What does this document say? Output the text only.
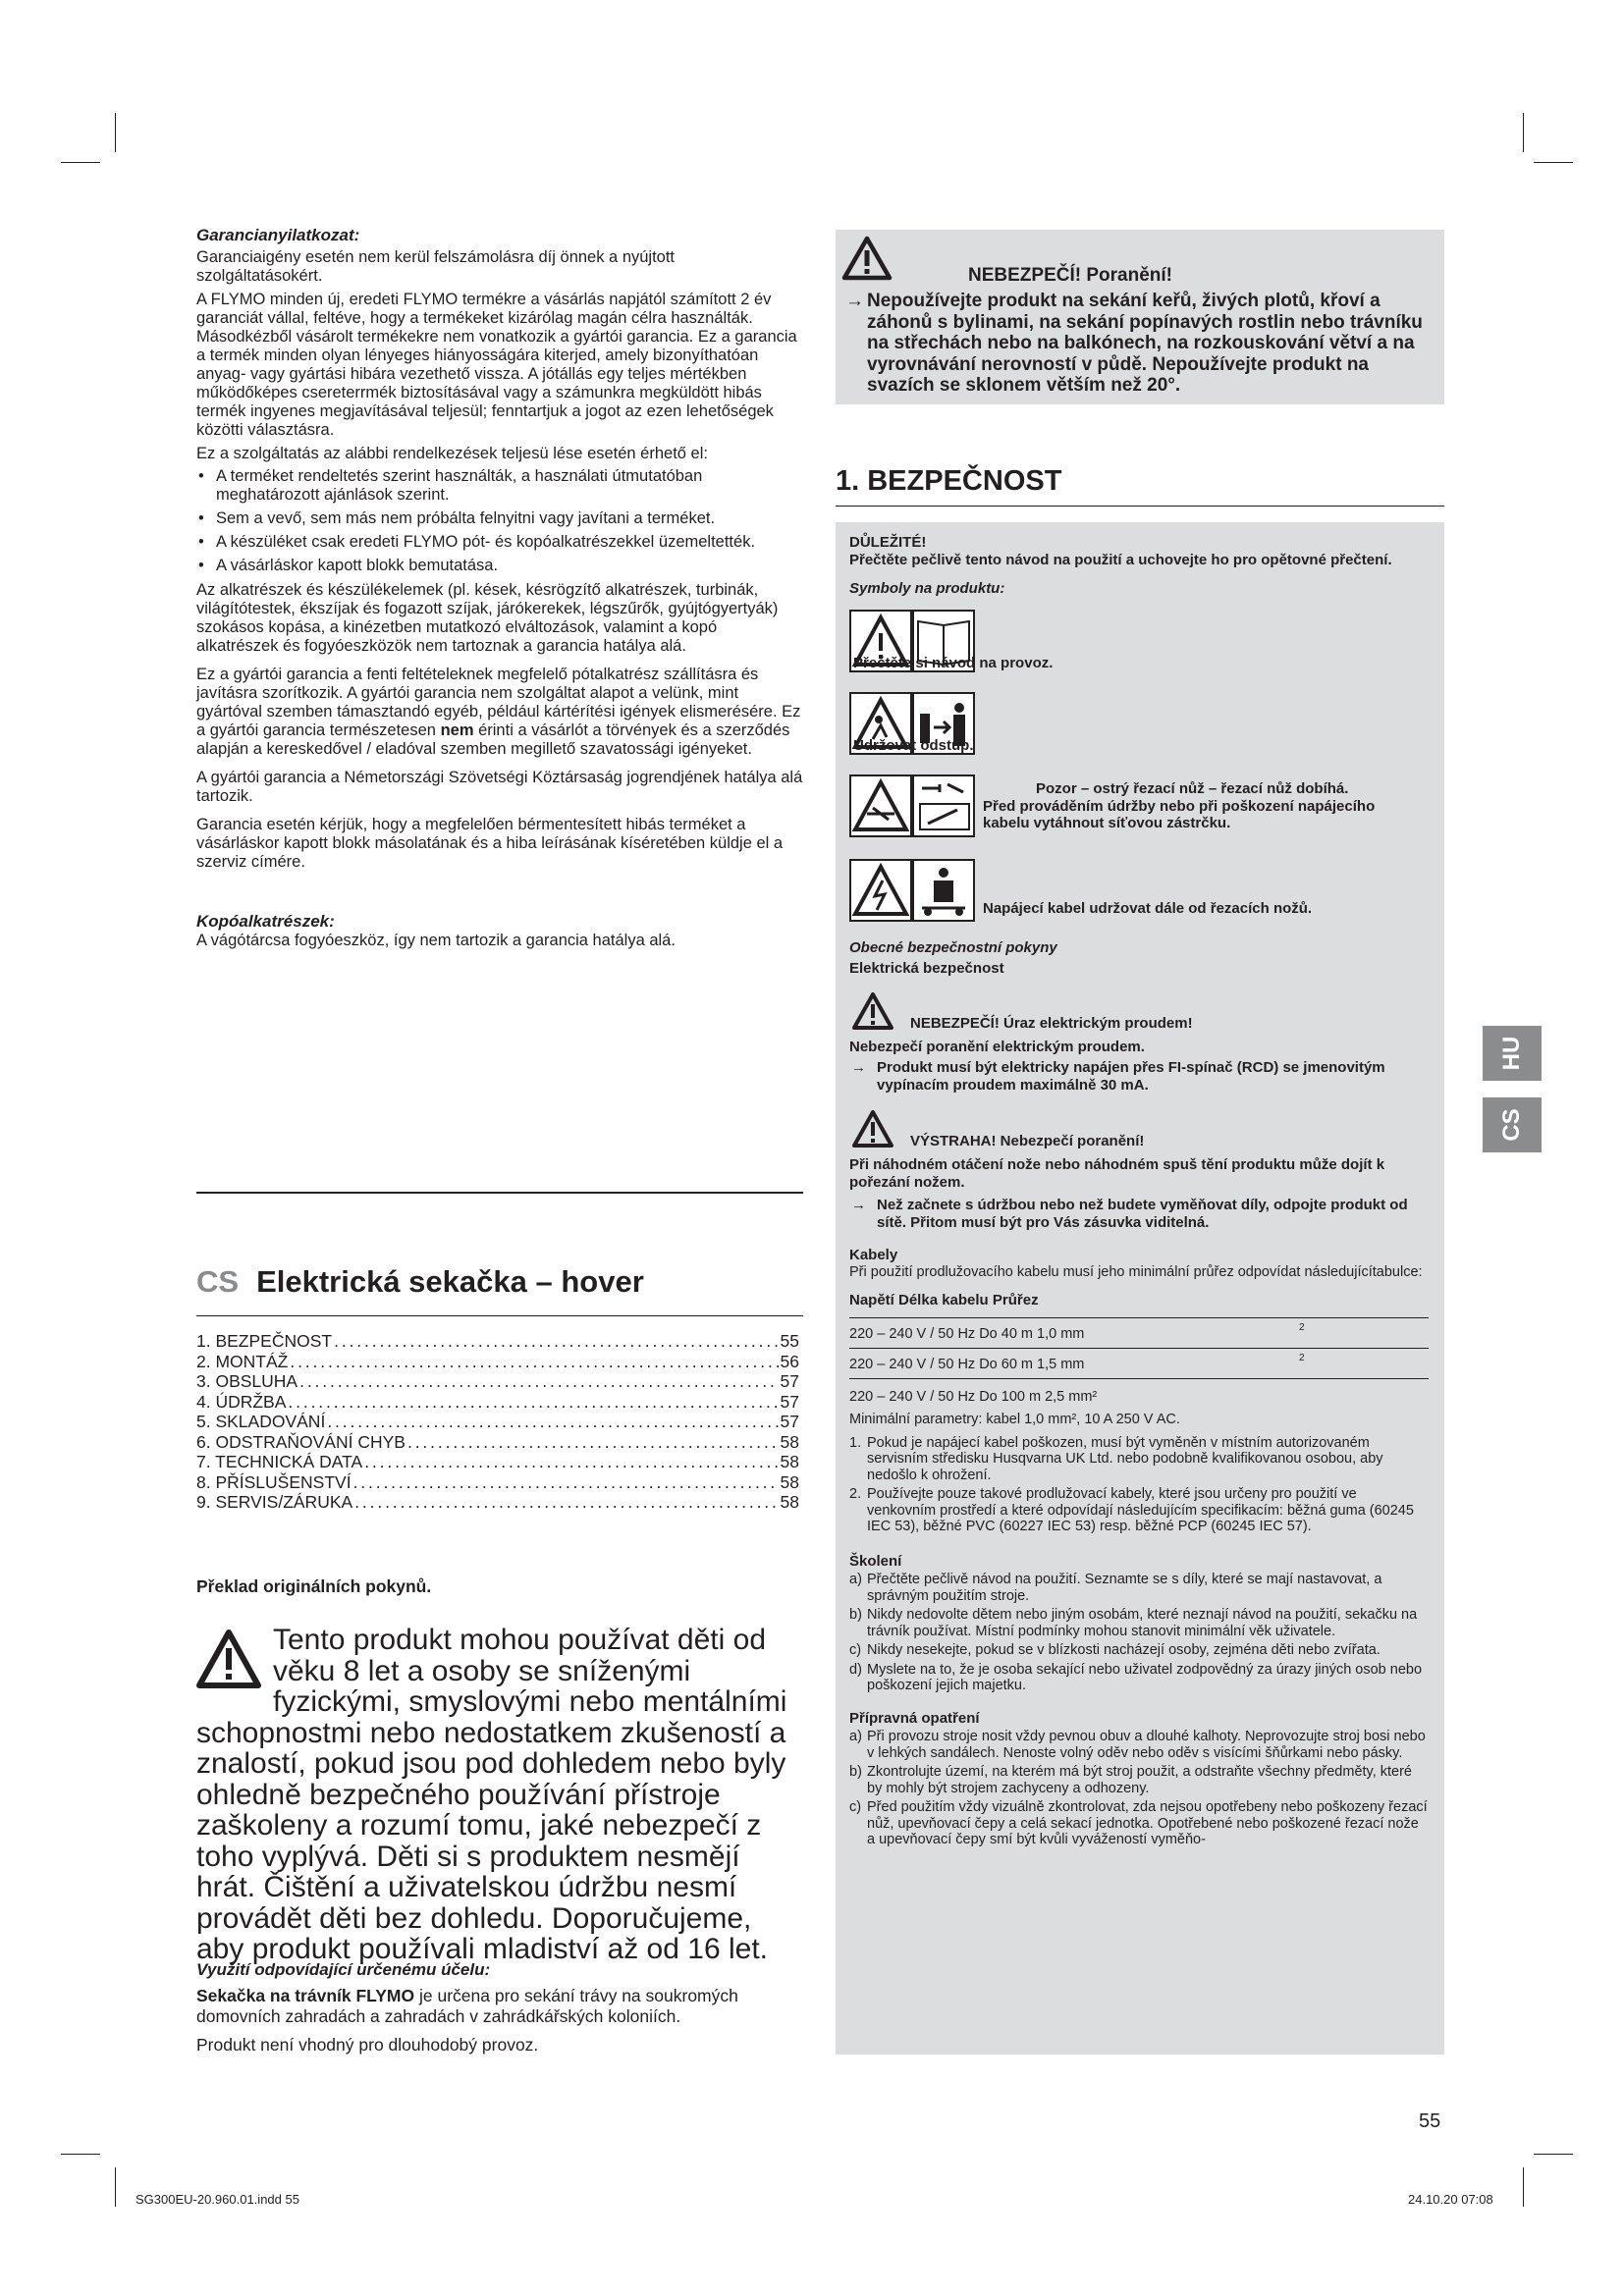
Garancianyilatkozat:

Garanciaigény esetén nem kerül felszámolásra díj önnek a nyújtott szolgáltatásokért.

A FLYMO minden új, eredeti FLYMO termékre a vásárlás napjától számított 2 év garanciát vállal, feltéve, hogy a termékeket kizárólag magán célra használták. Másodkézből vásárolt termékekre nem vonatkozik a gyártói garancia. Ez a garancia a termék minden olyan lényeges hiányosságára kiterjed, amely bizonyíthatóan anyag- vagy gyártási hibára vezethető vissza. A jótállás egy teljes mértékben működőképes csereterrmék biztosításával vagy a számunkra megküldött hibás termék ingyenes megjavításával teljesül; fenntartjuk a jogot az ezen lehetőségek közötti választásra.

Ez a szolgáltatás az alábbi rendelkezések teljesü lése esetén érhető el:

• A terméket rendeltetés szerint használták, a használati útmutatóban meghatározott ajánlások szerint.
• Sem a vevő, sem más nem próbálta felnyitni vagy javítani a terméket.
• A készüléket csak eredeti FLYMO pót- és kopóalkatrészekkel üzemeltették.
• A vásárláskor kapott blokk bemutatása.

Az alkatrészek és készülékelemek (pl. kések, késrögzítő alkatrészek, turbinák, világítótestek, ékszíjak és fogazott szíjak, járókerekek, légszűrők, gyújtógyertyák) szokásos kopása, a kinézetben mutatkozó elváltozások, valamint a kopó alkatrészek és fogyóeszközök nem tartoznak a garancia hatálya alá.

Ez a gyártói garancia a fenti feltételeknek megfelelő pótalkatrész szállításra és javításra szorítkozik. A gyártói garancia nem szolgáltat alapot a velünk, mint gyártóval szemben támasztandó egyéb, például kártérítési igények elismerésére. Ez a gyártói garancia természetesen nem érinti a vásárlót a törvények és a szerződés alapján a kereskedővel / eladóval szemben megillető szavatossági igényeket.

A gyártói garancia a Németországi Szövetségi Köztársaság jogrendjének hatálya alá tartozik.

Garancia esetén kérjük, hogy a megfelelően bérmentesített hibás terméket a vásárláskor kapott blokk másolatának és a hiba leírásának kíséretében küldje el a szerviz címére.

Kopóalkatrészek:

A vágótárcsa fogyóeszköz, így nem tartozik a garancia hatálya alá.

CS Elektrická sekačka – hover
1. BEZPEČNOST . . .	55
2. MONTÁŽ . . .	56
3. OBSLUHA . . .	57
4. ÚDRŽBA . . .	57
5. SKLADOVÁNÍ . . .	57
6. ODSTRAŇOVÁNÍ CHYB . . .	58
7. TECHNICKÁ DATA . . .	58
8. PŘÍSLUŠENSTVÍ . . .	58
9. SERVIS/ZÁRUKA . . .	58
Překlad originálních pokynů.
Tento produkt mohou používat děti od věku 8 let a osoby se sníženými fyzickými, smyslovými nebo mentálními schopnostmi nebo nedostatkem zkušeností a znalostí, pokud jsou pod dohledem nebo byly ohledně bezpečného používání přístroje zaškoleny a rozumí tomu, jaké nebezpečí z toho vyplývá. Děti si s produktem nesmějí hrát. Čištění a uživatelskou údržbu nesmí provádět děti bez dohledu. Doporučujeme, aby produkt používali mladiství až od 16 let.
Využití odpovídající určenému účelu:

Sekačka na trávník FLYMO je určena pro sekání trávy na soukromých domovních zahradách a zahradách v zahrádkářských koloniích.

Produkt není vhodný pro dlouhodobý provoz.

NEBEZPEČÍ! Poranění!
→ Nepoužívejte produkt na sekání keřů, živých plotů, křoví a záhonů s bylinami, na sekání popínavých rostlin nebo trávníku na střechách nebo na balkónech, na rozkouskování větví a na vyrovnávání nerovností v půdě. Nepoužívejte produkt na svazích se sklonem větším než 20°.
1. BEZPEČNOST
DŮLEŽITÉ!
Přečtěte pečlivě tento návod na použití a uchovejte ho pro opětovné přečtení.
Symboly na produktu:
Přečtěte si návod na provoz.
Udržovat odstup.
Pozor – ostrý řezací nůž – řezací nůž dobíhá.
Před prováděním údržby nebo při poškození napájecího kabelu vytáhnout síťovou zástrčku.
Napájecí kabel udržovat dále od řezacích nožů.
Obecné bezpečnostní pokyny
Elektrická bezpečnost
NEBEZPEČÍ! Úraz elektrickým proudem!
Nebezpečí poranění elektrickým proudem.
→ Produkt musí být elektricky napájen přes FI-spínač (RCD) se jmenovitým vypínacím proudem maximálně 30 mA.
VÝSTRAHA! Nebezpečí poranění!
Při náhodném otáčení nože nebo náhodném spuš tění produktu může dojít k pořezání nožem.
→ Než začnete s údržbou nebo než budete vyměňovat díly, odpojte produkt od sítě. Přitom musí být pro Vás zásuvka viditelná.
Kabely
Při použití prodlužovacího kabelu musí jeho minimální průřez odpovídat následujícítabulce:
Napětí Délka kabelu Průřez
220 – 240 V / 50 Hz Do 40 m 1,0 mm	2
220 – 240 V / 50 Hz Do 60 m 1,5 mm	2
220 – 240 V / 50 Hz Do 100 m 2,5 mm²
Minimální parametry: kabel 1,0 mm², 10 A 250 V AC.
1. Pokud je napájecí kabel poškozen, musí být vyměněn v místním autorizovaném servisním středisku Husqvarna UK Ltd. nebo podobně kvalifikovanou osobou, aby nedošlo k ohrožení.
2. Používejte pouze takové prodlužovací kabely, které jsou určeny pro použití ve venkovním prostředí a které odpovídají následujícím specifikacím: běžná guma (60245 IEC 53), běžné PVC (60227 IEC 53) resp. běžné PCP (60245 IEC 57).
Školení
a) Přečtěte pečlivě návod na použití. Seznamte se s díly, které se mají nastavovat, a správným použitím stroje.
b) Nikdy nedovolte dětem nebo jiným osobám, které neznají návod na použití, sekačku na trávník používat. Místní podmínky mohou stanovit minimální věk uživatele.
c) Nikdy nesekejte, pokud se v blízkosti nacházejí osoby, zejména děti nebo zvířata.
d) Myslete na to, že je osoba sekající nebo uživatel zodpovědný za úrazy jiných osob nebo poškození jejich majetku.
Přípravná opatření
a) Při provozu stroje nosit vždy pevnou obuv a dlouhé kalhoty. Neprovozujte stroj bosi nebo v lehkých sandálech. Nenoste volný oděv nebo oděv s visícími šňůrkami nebo pásky.
b) Zkontrolujte území, na kterém má být stroj použit, a odstraňte všechny předměty, které by mohly být strojem zachyceny a odhozeny.
c) Před použitím vždy vizuálně zkontrolovat, zda nejsou opotřebeny nebo poškozeny řezací nůž, upevňovací čepy a celá sekací jednotka. Opotřebené nebo poškozené řezací nože a upevňovací čepy smí být kvůli vyvážeností vyměňo-
HU
CS
55
SG300EU-20.960.01.indd 55	24.10.20 07:08
